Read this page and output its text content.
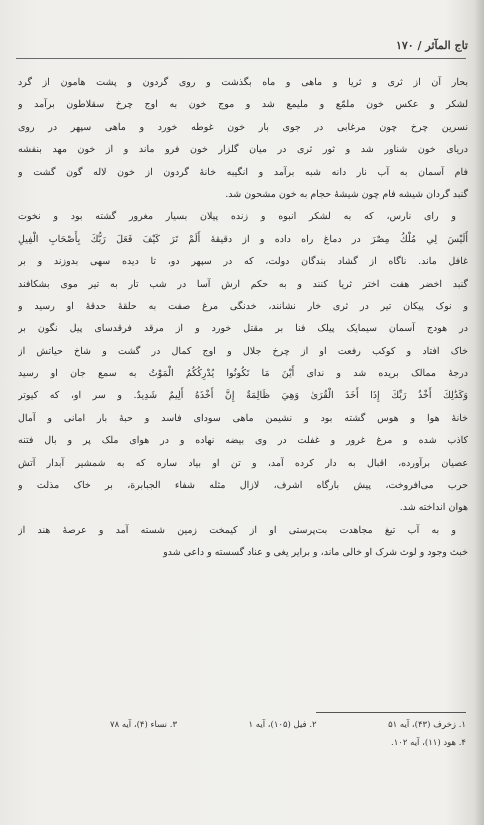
تاج المآثر / ۱۷۰

بحار آن از ثری و ثریا و ماهی و ماه بگذشت و روی گردون و پشت هامون از گرد
لشکر و عکس خون ملمّع و مليمع شد و موج خون به اوج چرخ سقلاطون برآمد و
نسرين چرخ چون مرغابی در جوی بار خون غوطه خورد و ماهی سپهر در روی
دریای خون شناور شد و ثور ثری در میان گلزار خون فرو ماند و از خون مهد بنفشه
فام آسمان به آب نار دانه شبه برآمد و انگیبه خانهٔ گردون از خون لاله گون گشت و
گنبد گردان شیشه فام چون شیشهٔ حجام به خون مشحون شد.

و رای نارس، که به لشکر انبوه و زنده پیلان بسیار مغرور گشته بود و نخوت
أَلَيْسَ لِي مُلْكُ مِصْرَ در دماغ راه داده و از دقیقهٔ أَلَمْ تَرَ كَيْفَ فَعَلَ رَبُّكَ بِأَصْحَابِ الْفِيلِ
غافل ماند. ناگاه از گشاد بندگان دولت، که در سپهر دو، تا دیده سهی بدوزند و بر
گنبد اخضر هفت اختر ثریا کنند و به حکم ارش آسا در شب تار به تیر موی بشکافند
و نوک پیکان تیر در ثری خار نشانند، خدنگی مرغ صفت به حلقهٔ حدقهٔ او رسید و
در هودج آسمان سیمایک پیلک فنا بر مقتل خورد و از مرقد فرقدسای پیل نگون بر
خاک افتاد و کوکب رفعت او از چرخ جلال و اوج کمال در گشت و شاخ حیاتش از
درجهٔ ممالک بریده شد و ندای أَيْنَ مَا تَكُونُوا يُدْرِكُكُمُ الْمَوْتُ به سمع جان او رسید
وَكَذَٰلِكَ أَخْذُ رَبِّكَ إِذَا أَخَذَ الْقُرَىٰ وَهِيَ ظَالِمَةٌ إِنَّ أَخْذَهُ أَلِيمٌ شَدِيدٌ. و سر او، که کیوتر
خانهٔ هوا و هوس گشته بود و نشیمن ماهی سودای فاسد و حبهٔ بار امانی و آمال
کاذب شده و مرغ غرور و غفلت در وی بیضه نهاده و در هوای ملک پر و بال فتنه
عصیان برآورده، اقبال به دار کرده آمد، و تن او بیاد ساره که به شمشیر آبدار آتش
حرب می‌افروخت، پیش بارگاه اشرف، لازال مثله شفاء الجبابرة، بر خاک مذلت و
هوان انداخته شد.

و به آب تیغ مجاهدت بت‌پرستی او از کیمخت زمین شسته آمد و عرصهٔ هند از
خبث وجود و لوث شرک او خالی ماند، و برایر یغی و عناد گسسته و داعی شدو

۱. زخرف (۴۳)، آیه ۵۱
۲. فیل (۱۰۵)، آیه ۱
۳. نساء (۴)، آیه ۷۸
۴. هود (۱۱)، آیه ۱۰۲.
